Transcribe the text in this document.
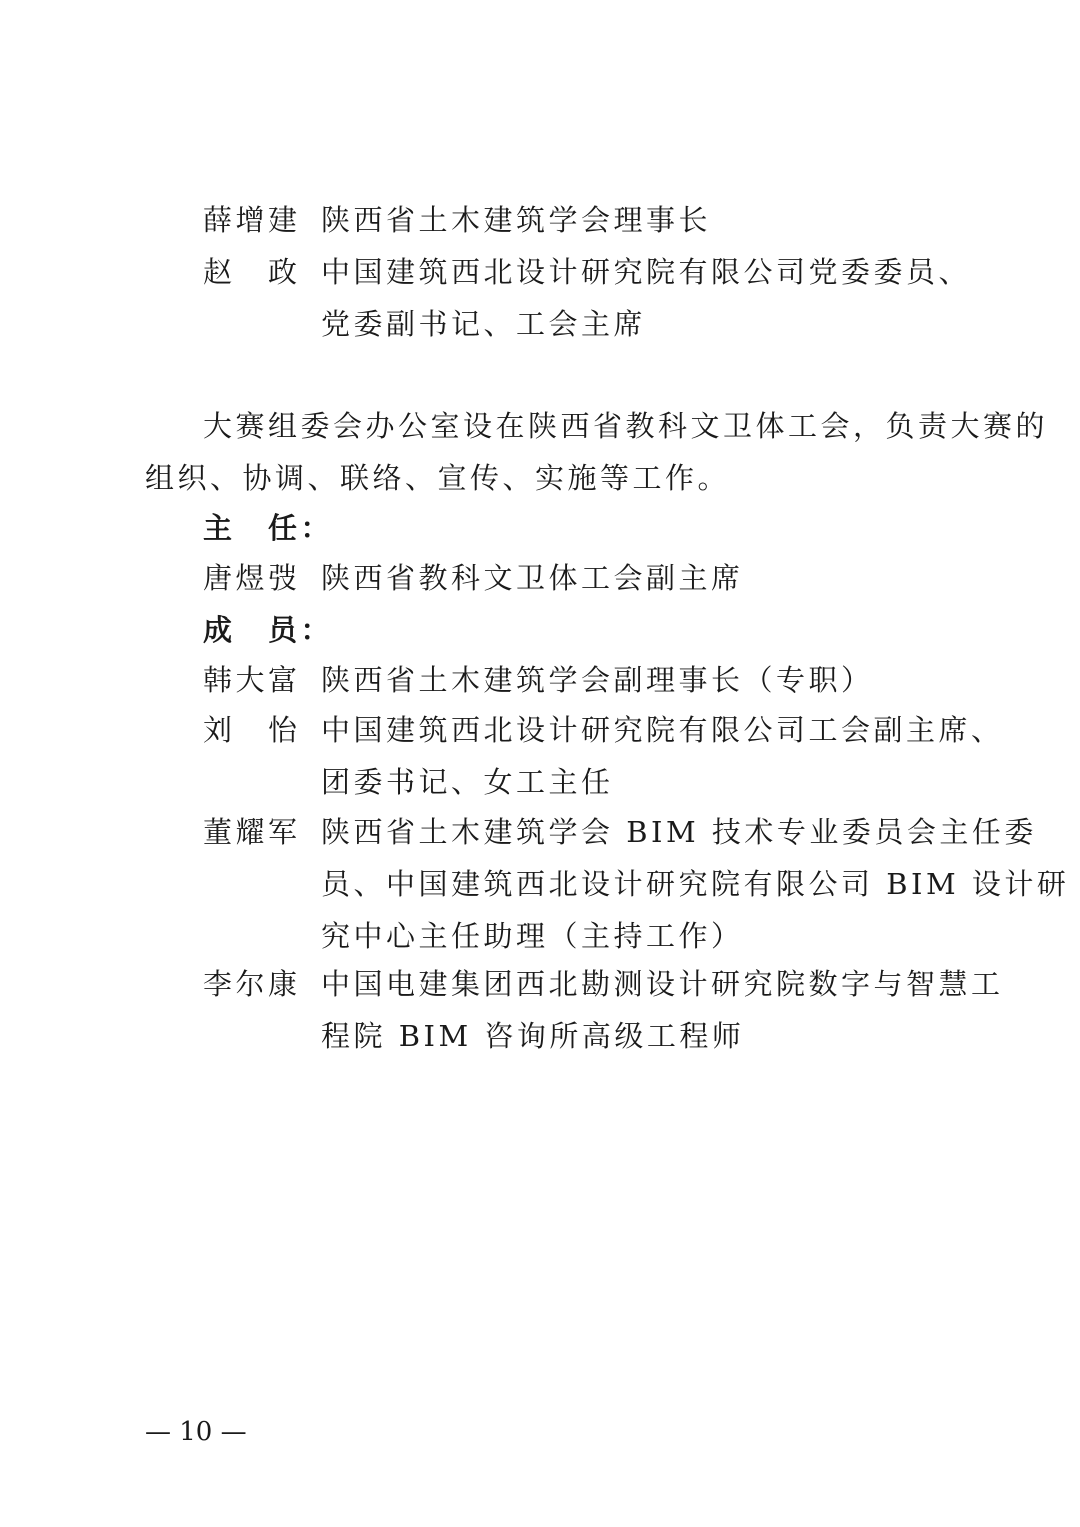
薛增建 陕西省土木建筑学会理事长
赵　政 中国建筑西北设计研究院有限公司党委委员、
党委副书记、工会主席
大赛组委会办公室设在陕西省教科文卫体工会，负责大赛的
组织、协调、联络、宣传、实施等工作。
主　任：
唐煜弢 陕西省教科文卫体工会副主席
成　员：
韩大富 陕西省土木建筑学会副理事长（专职）
刘　怡 中国建筑西北设计研究院有限公司工会副主席、
团委书记、女工主任
董耀军 陕西省土木建筑学会 BIM 技术专业委员会主任委
员、中国建筑西北设计研究院有限公司 BIM 设计研
究中心主任助理（主持工作）
李尔康 中国电建集团西北勘测设计研究院数字与智慧工
程院 BIM 咨询所高级工程师
— 10 —
